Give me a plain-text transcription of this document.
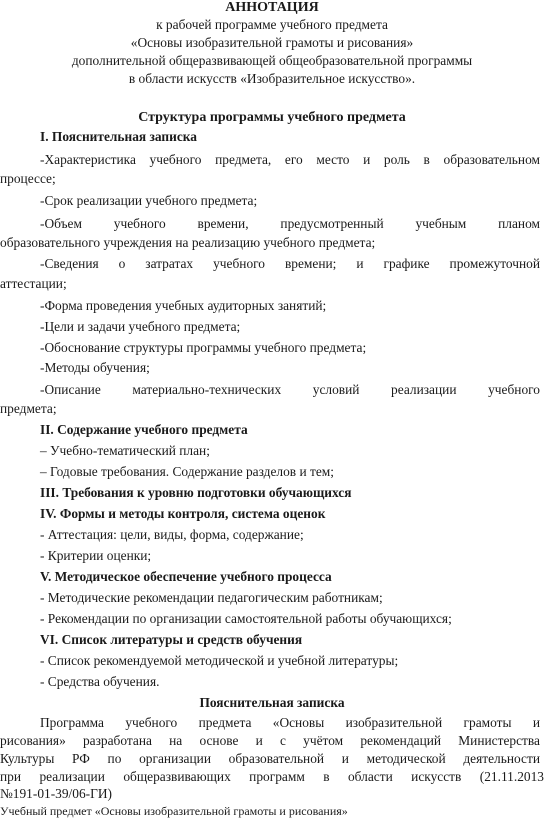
АННОТАЦИЯ
к рабочей программе учебного предмета
«Основы изобразительной грамоты и рисования»
дополнительной общеразвивающей общеобразовательной программы
в области искусств «Изобразительное искусство».
Структура программы учебного предмета
I. Пояснительная записка
-Характеристика учебного предмета, его место и роль в образовательном
процессе;
-Срок реализации учебного предмета;
-Объем учебного времени, предусмотренный учебным планом
образовательного учреждения на реализацию учебного предмета;
-Сведения о затратах учебного времени; и графике промежуточной
аттестации;
-Форма проведения учебных аудиторных занятий;
-Цели и задачи учебного предмета;
-Обоснование структуры программы учебного предмета;
-Методы обучения;
-Описание материально-технических условий реализации учебного
предмета;
II. Содержание учебного предмета
– Учебно-тематический план;
– Годовые требования. Содержание разделов и тем;
III. Требования к уровню подготовки обучающихся
IV. Формы и методы контроля, система оценок
- Аттестация: цели, виды, форма, содержание;
- Критерии оценки;
V. Методическое обеспечение учебного процесса
- Методические рекомендации педагогическим работникам;
- Рекомендации по организации самостоятельной работы обучающихся;
VI. Список литературы и средств обучения
- Список рекомендуемой методической и учебной литературы;
- Средства обучения.
Пояснительная записка
Программа учебного предмета «Основы изобразительной грамоты и
рисования» разработана на основе и с учётом рекомендаций Министерства
Культуры РФ по организации образовательной и методической деятельности
при реализации общеразвивающих программ в области искусств (21.11.2013
№191-01-39/06-ГИ)
Учебный предмет «Основы изобразительной грамоты и рисования»
